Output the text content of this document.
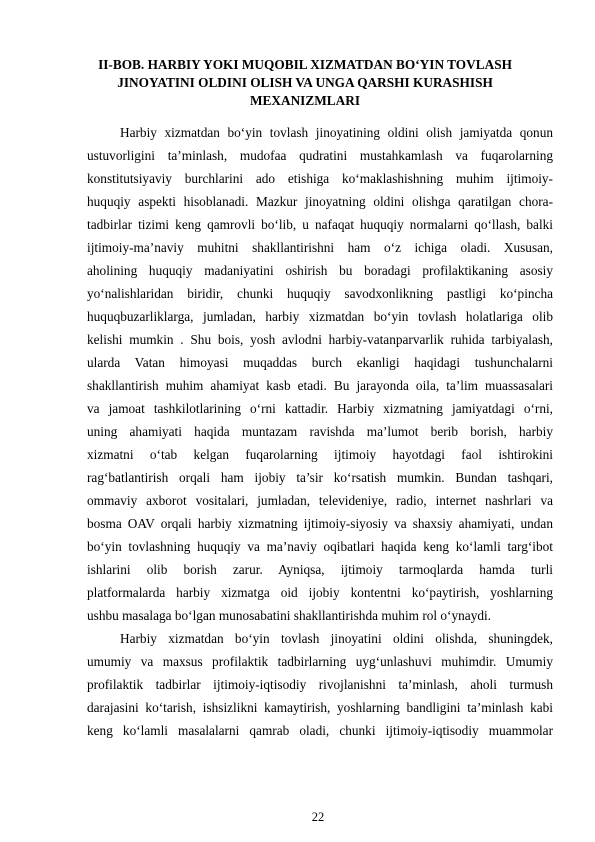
II-BOB. HARBIY YOKI MUQOBIL XIZMATDAN BO‘YIN TOVLASH
JINOYATINI OLDINI OLISH VA UNGA QARSHI KURASHISH
MEXANIZMLARI
Harbiy xizmatdan bo‘yin tovlash jinoyatining oldini olish jamiyatda qonun
ustuvorligini ta’minlash, mudofaa qudratini mustahkamlash va fuqarolarning
konstitutsiyaviy burchlarini ado etishiga ko‘maklashishning muhim ijtimoiy-
huquqiy aspekti hisoblanadi. Mazkur jinoyatning oldini olishga qaratilgan chora-
tadbirlar tizimi keng qamrovli bo‘lib, u nafaqat huquqiy normalarni qo‘llash, balki
ijtimoiy-ma’naviy muhitni shakllantirishni ham o‘z ichiga oladi. Xususan,
aholining huquqiy madaniyatini oshirish bu boradagi profilaktikaning asosiy
yo‘nalishlaridan biridir, chunki huquqiy savodxonlikning pastligi ko‘pincha
huquqbuzarliklarga, jumladan, harbiy xizmatdan bo‘yin tovlash holatlariga olib
kelishi mumkin . Shu bois, yosh avlodni harbiy-vatanparvarlik ruhida tarbiyalash,
ularda Vatan himoyasi muqaddas burch ekanligi haqidagi tushunchalarni
shakllantirish muhim ahamiyat kasb etadi. Bu jarayonda oila, ta’lim muassasalari
va jamoat tashkilotlarining o‘rni kattadir. Harbiy xizmatning jamiyatdagi o‘rni,
uning ahamiyati haqida muntazam ravishda ma’lumot berib borish, harbiy
xizmatni o‘tab kelgan fuqarolarning ijtimoiy hayotdagi faol ishtirokini
rag‘batlantirish orqali ham ijobiy ta’sir ko‘rsatish mumkin. Bundan tashqari,
ommaviy axborot vositalari, jumladan, televideniye, radio, internet nashrlari va
bosma OAV orqali harbiy xizmatning ijtimoiy-siyosiy va shaxsiy ahamiyati, undan
bo‘yin tovlashning huquqiy va ma’naviy oqibatlari haqida keng ko‘lamli targ‘ibot
ishlarini olib borish zarur. Ayniqsa, ijtimoiy tarmoqlarda hamda turli
platformalarda harbiy xizmatga oid ijobiy kontentni ko‘paytirish, yoshlarning
ushbu masalaga bo‘lgan munosabatini shakllantirishda muhim rol o‘ynaydi.
Harbiy xizmatdan bo‘yin tovlash jinoyatini oldini olishda, shuningdek,
umumiy va maxsus profilaktik tadbirlarning uyg‘unlashuvi muhimdir. Umumiy
profilaktik tadbirlar ijtimoiy-iqtisodiy rivojlanishni ta’minlash, aholi turmush
darajasini ko‘tarish, ishsizlikni kamaytirish, yoshlarning bandligini ta’minlash kabi
keng ko‘lamli masalalarni qamrab oladi, chunki ijtimoiy-iqtisodiy muammolar
22
